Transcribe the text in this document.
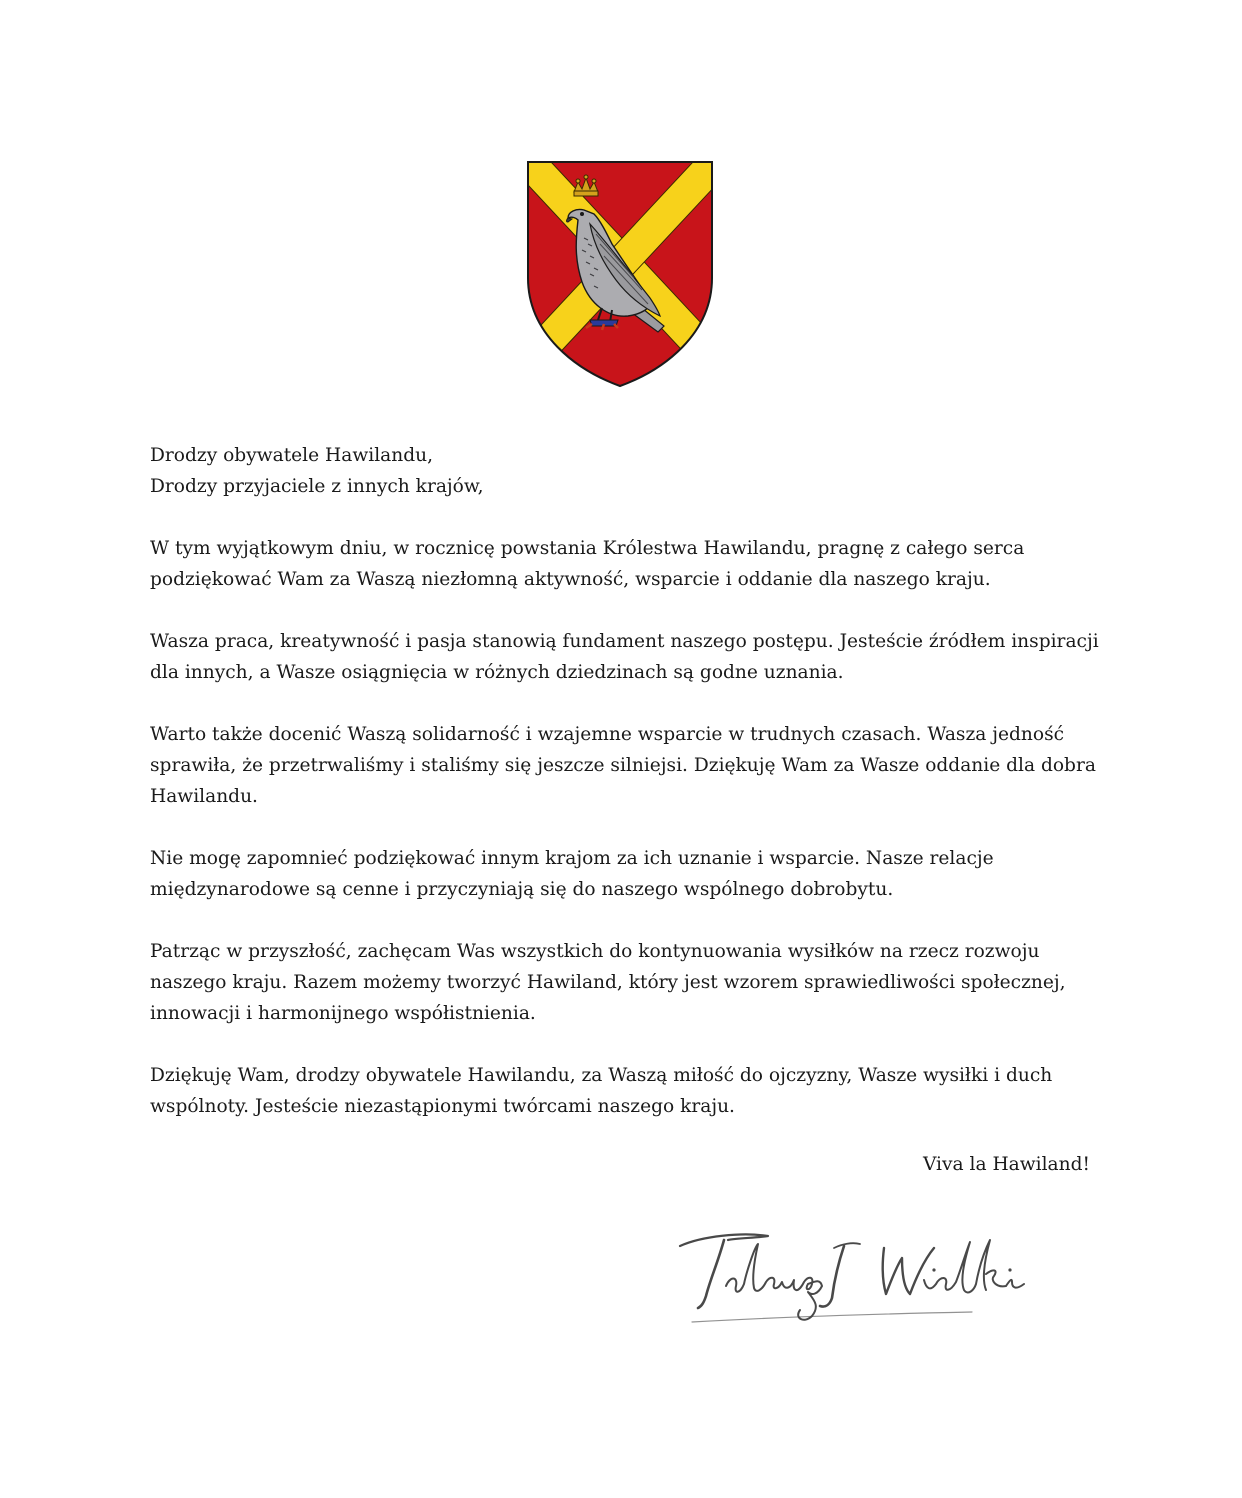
Drodzy obywatele Hawilandu,
Drodzy przyjaciele z innych krajów,

W tym wyjątkowym dniu, w rocznicę powstania Królestwa Hawilandu, pragnę z całego serca podziękować Wam za Waszą niezłomną aktywność, wsparcie i oddanie dla naszego kraju.

Wasza praca, kreatywność i pasja stanowią fundament naszego postępu. Jesteście źródłem inspiracji dla innych, a Wasze osiągnięcia w różnych dziedzinach są godne uznania.

Warto także docenić Waszą solidarność i wzajemne wsparcie w trudnych czasach. Wasza jedność sprawiła, że przetrwaliśmy i staliśmy się jeszcze silniejsi. Dziękuję Wam za Wasze oddanie dla dobra Hawilandu.

Nie mogę zapomnieć podziękować innym krajom za ich uznanie i wsparcie. Nasze relacje międzynarodowe są cenne i przyczyniają się do naszego wspólnego dobrobytu.

Patrząc w przyszłość, zachęcam Was wszystkich do kontynuowania wysiłków na rzecz rozwoju naszego kraju. Razem możemy tworzyć Hawiland, który jest wzorem sprawiedliwości społecznej, innowacji i harmonijnego współistnienia.

Dziękuję Wam, drodzy obywatele Hawilandu, za Waszą miłość do ojczyzny, Wasze wysiłki i duch wspólnoty. Jesteście niezastąpionymi twórcami naszego kraju.

Viva la Hawiland!
